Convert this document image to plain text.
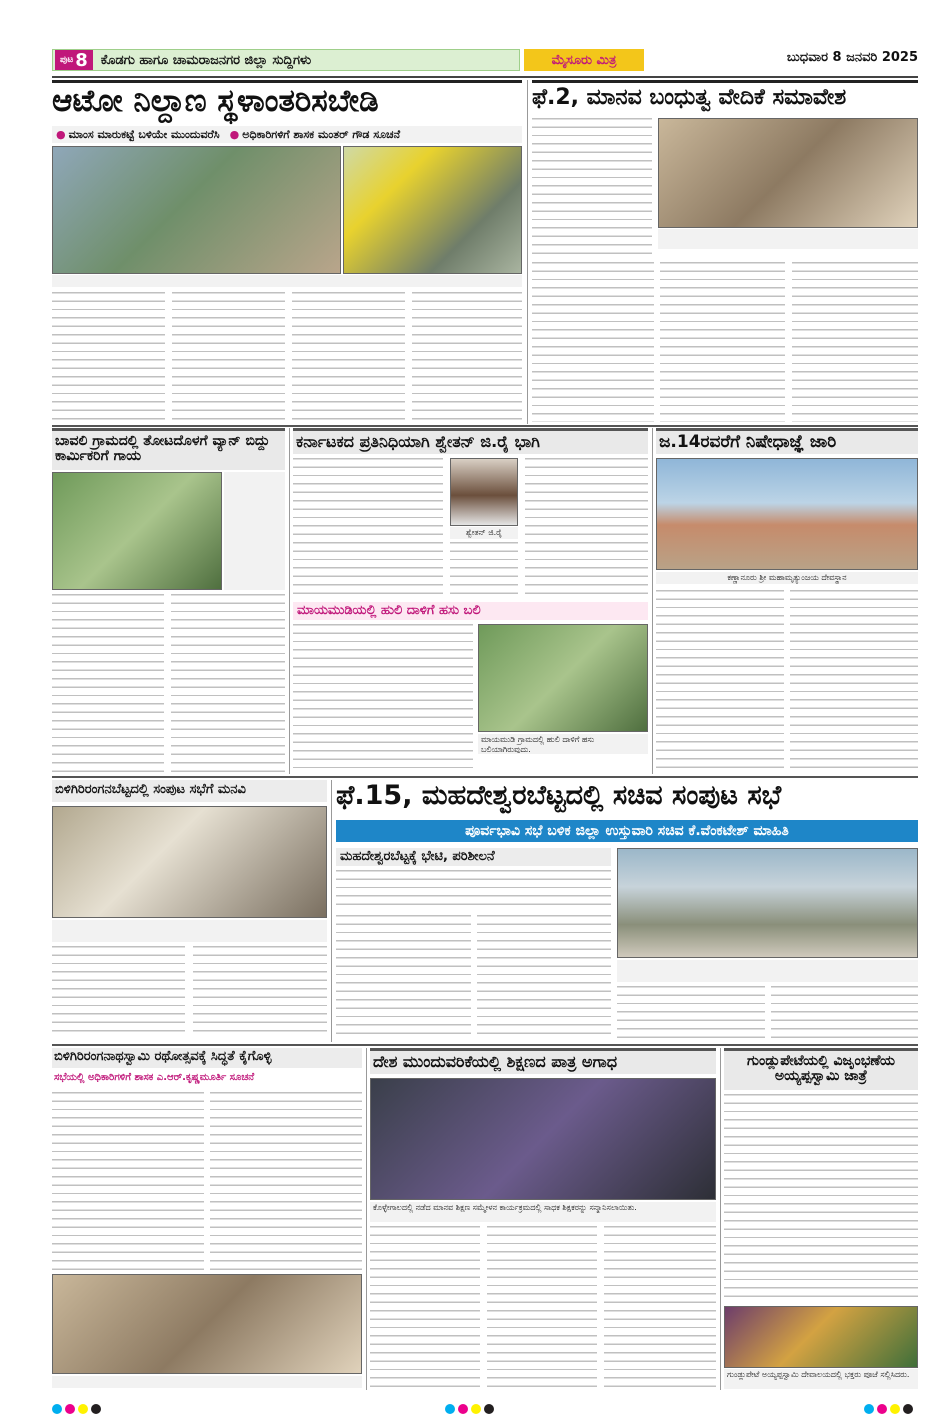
ಪುಟ 8 ಕೊಡಗು ಹಾಗೂ ಚಾಮರಾಜನಗರ ಜಿಲ್ಲಾ ಸುದ್ದಿಗಳು	ಮೈಸೂರು ಮಿತ್ರ	ಬುಧವಾರ 8 ಜನವರಿ 2025
ಆಟೋ ನಿಲ್ದಾಣ ಸ್ಥಳಾಂತರಿಸಬೇಡಿ
● ಮಾಂಸ ಮಾರುಕಟ್ಟೆ ಬಳಿಯೇ ಮುಂದುವರೆಸಿ
●	ಅಧಿಕಾರಿಗಳಿಗೆ ಶಾಸಕ ಮಂತರ್ ಗೌಡ ಸೂಚನೆ
ಫೆ.2, ಮಾನವ ಬಂಧುತ್ವ ವೇದಿಕೆ ಸಮಾವೇಶ
ಬಾವಲಿ ಗ್ರಾಮದಲ್ಲಿ ತೋಟದೊಳಗೆ ವ್ಯಾನ್ ಬಿದ್ದು ಕಾರ್ಮಿಕರಿಗೆ ಗಾಯ
ಕರ್ನಾಟಕದ ಪ್ರತಿನಿಧಿಯಾಗಿ ಶ್ವೇತನ್ ಜಿ.ರೈ ಭಾಗಿ
ಶ್ವೇತನ್ ಜಿ.ರೈ
ಮಾಯಮುಡಿಯಲ್ಲಿ ಹುಲಿ ದಾಳಿಗೆ ಹಸು ಬಲಿ
ಮಾಯಮುಡಿ ಗ್ರಾಮದಲ್ಲಿ ಹುಲಿ ದಾಳಿಗೆ ಹಸು ಬಲಿಯಾಗಿರುವುದು.
ಜ.14ರವರೆಗೆ ನಿಷೇಧಾಜ್ಞೆ ಜಾರಿ
ಕಣ್ಣಾನೂರು ಶ್ರೀ ಮಹಾಮೃತ್ಯುಂಜಯ ದೇವಸ್ಥಾನ
ಬಿಳಿಗಿರಿರಂಗನಬೆಟ್ಟದಲ್ಲಿ ಸಂಪುಟ ಸಭೆಗೆ ಮನವಿ	ಫೆ.15, ಮಹದೇಶ್ವರಬೆಟ್ಟದಲ್ಲಿ ಸಚಿವ ಸಂಪುಟ ಸಭೆ
ಪೂರ್ವಭಾವಿ ಸಭೆ ಬಳಿಕ ಜಿಲ್ಲಾ ಉಸ್ತುವಾರಿ ಸಚಿವ ಕೆ.ವೆಂಕಟೇಶ್ ಮಾಹಿತಿ
ಮಹದೇಶ್ವರಬೆಟ್ಟಕ್ಕೆ ಭೇಟಿ, ಪರಿಶೀಲನೆ
ಬಿಳಿಗಿರಿರಂಗನಾಥಸ್ವಾಮಿ ರಥೋತ್ಸವಕ್ಕೆ ಸಿದ್ಧತೆ ಕೈಗೊಳ್ಳಿ
ಸಭೆಯಲ್ಲಿ ಅಧಿಕಾರಿಗಳಿಗೆ ಶಾಸಕ ಎ.ಆರ್.ಕೃಷ್ಣಮೂರ್ತಿ ಸೂಚನೆ
ದೇಶ ಮುಂದುವರಿಕೆಯಲ್ಲಿ ಶಿಕ್ಷಣದ ಪಾತ್ರ ಅಗಾಧ
ಕೊಳ್ಳೇಗಾಲದಲ್ಲಿ ನಡೆದ ಮಾನವ ಶಿಕ್ಷಣ ಸಮ್ಮೇಳನ ಕಾರ್ಯಕ್ರಮದಲ್ಲಿ ಸಾಧಕ ಶಿಕ್ಷಕರನ್ನು ಸನ್ಮಾನಿಸಲಾಯಿತು.
ಗುಂಡ್ಲುಪೇಟೆಯಲ್ಲಿ ವಿಜೃಂಭಣೆಯ ಅಯ್ಯಪ್ಪಸ್ವಾಮಿ ಜಾತ್ರೆ
ಗುಂಡ್ಲುಪೇಟೆ ಅಯ್ಯಪ್ಪಸ್ವಾಮಿ ದೇವಾಲಯದಲ್ಲಿ ಭಕ್ತರು ಪೂಜೆ ಸಲ್ಲಿಸಿದರು.
